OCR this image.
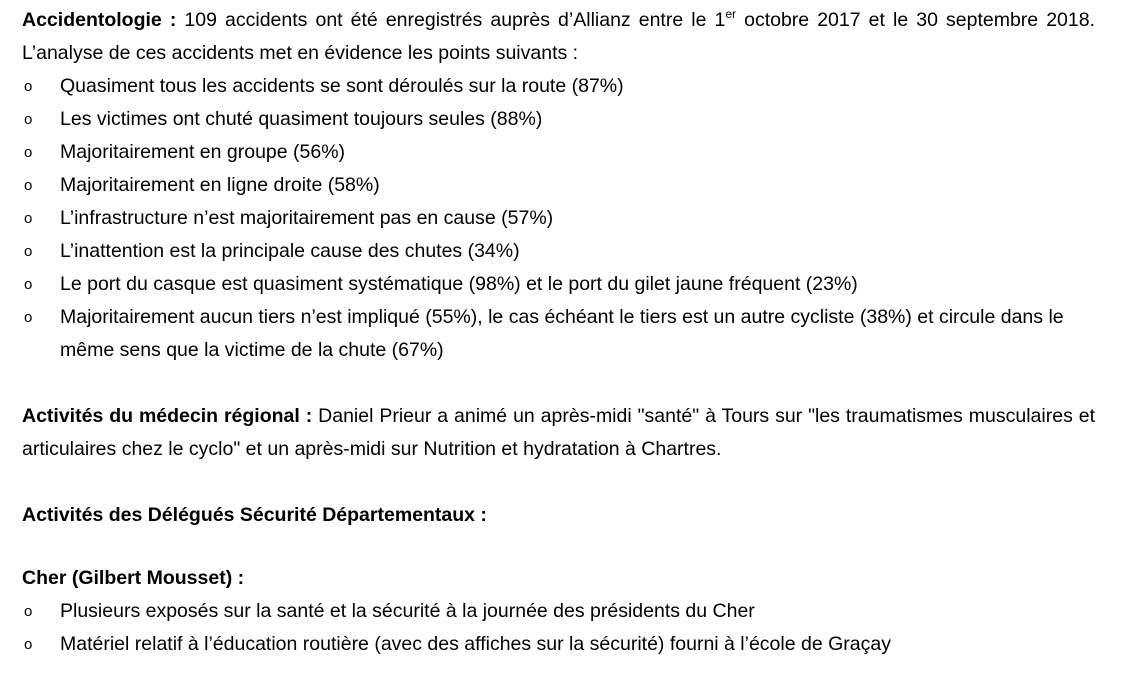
Accidentologie : 109 accidents ont été enregistrés auprès d’Allianz entre le 1er octobre 2017 et le 30 septembre 2018. L’analyse de ces accidents met en évidence les points suivants :

o Quasiment tous les accidents se sont déroulés sur la route (87%)
o Les victimes ont chuté quasiment toujours seules (88%)
o Majoritairement en groupe (56%)
o Majoritairement en ligne droite (58%)
o L’infrastructure n’est majoritairement pas en cause (57%)
o L’inattention est la principale cause des chutes (34%)
o Le port du casque est quasiment systématique (98%) et le port du gilet jaune fréquent (23%)
o Majoritairement aucun tiers n’est impliqué (55%), le cas échéant le tiers est un autre cycliste (38%) et circule dans le même sens que la victime de la chute (67%)

Activités du médecin régional : Daniel Prieur a animé un après-midi "santé" à Tours sur "les traumatismes musculaires et articulaires chez le cyclo" et un après-midi sur Nutrition et hydratation à Chartres.

Activités des Délégués Sécurité Départementaux :

Cher (Gilbert Mousset) :

o Plusieurs exposés sur la santé et la sécurité à la journée des présidents du Cher
o Matériel relatif à l’éducation routière (avec des affiches sur la sécurité) fourni à l’école de Graçay
